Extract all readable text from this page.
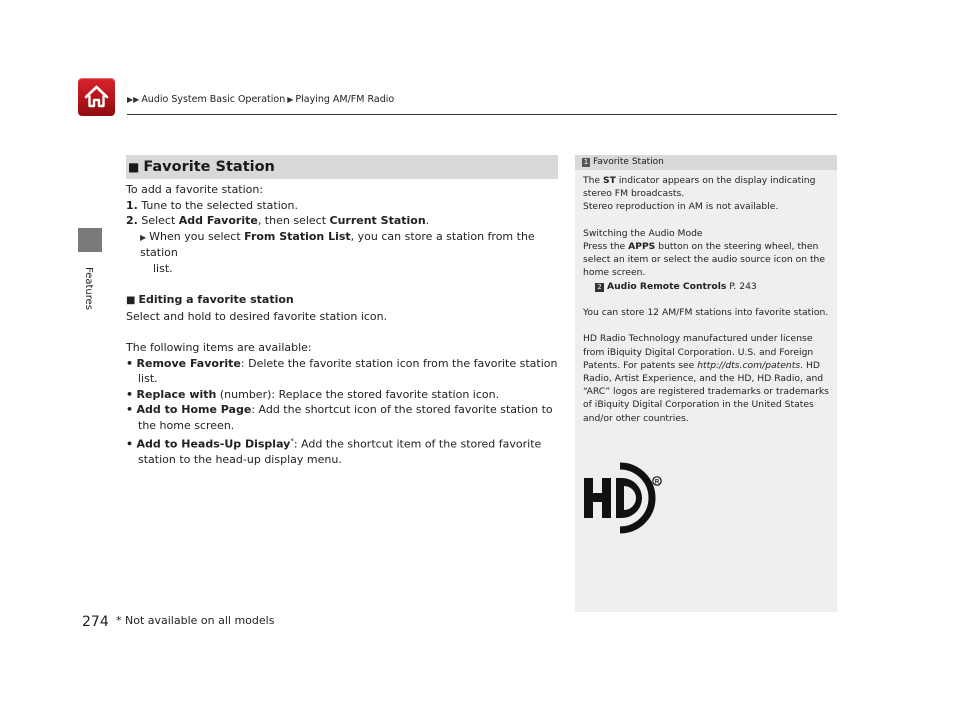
▶▶ Audio System Basic Operation ▶ Playing AM/FM Radio
Features
■ Favorite Station

To add a favorite station:

1. Tune to the selected station.

2. Select Add Favorite, then select Current Station.

▶ When you select From Station List, you can store a station from the station

list.

■ Editing a favorite station

Select and hold to desired favorite station icon.

The following items are available:

• Remove Favorite: Delete the favorite station icon from the favorite station list.

• Replace with (number): Replace the stored favorite station icon.

• Add to Home Page: Add the shortcut icon of the stored favorite station to the home screen.

• Add to Heads-Up Display*: Add the shortcut item of the stored favorite station to the head-up display menu.

1 Favorite Station

The ST indicator appears on the display indicating stereo FM broadcasts.

Stereo reproduction in AM is not available.

Switching the Audio Mode

Press the APPS button on the steering wheel, then select an item or select the audio source icon on the home screen.

2 Audio Remote Controls P. 243

You can store 12 AM/FM stations into favorite station.

HD Radio Technology manufactured under license from iBiquity Digital Corporation. U.S. and Foreign Patents. For patents see http://dts.com/patents. HD Radio, Artist Experience, and the HD, HD Radio, and “ARC” logos are registered trademarks or trademarks of iBiquity Digital Corporation in the United States and/or other countries.

R
274 * Not available on all models
